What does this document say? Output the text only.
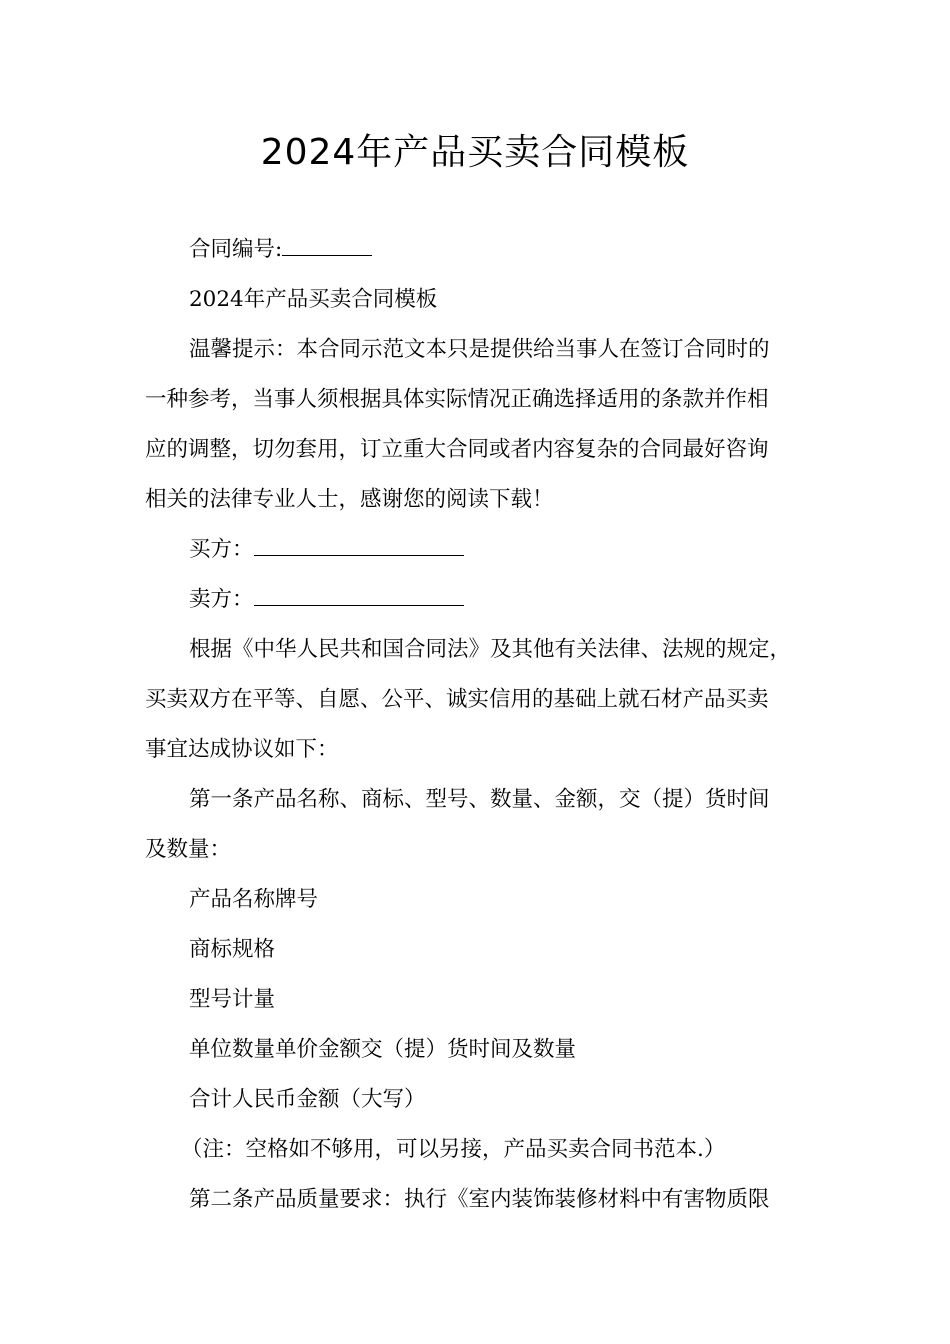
2024年产品买卖合同模板

合同编号:

2024年产品买卖合同模板

温馨提示：本合同示范文本只是提供给当事人在签订合同时的

一种参考，当事人须根据具体实际情况正确选择适用的条款并作相

应的调整，切勿套用，订立重大合同或者内容复杂的合同最好咨询

相关的法律专业人士，感谢您的阅读下载！

买方：

卖方：

根据《中华人民共和国合同法》及其他有关法律、法规的规定，

买卖双方在平等、自愿、公平、诚实信用的基础上就石材产品买卖

事宜达成协议如下：

第一条产品名称、商标、型号、数量、金额，交（提）货时间

及数量：

产品名称牌号

商标规格

型号计量

单位数量单价金额交（提）货时间及数量

合计人民币金额（大写）

（注：空格如不够用，可以另接，产品买卖合同书范本.）

第二条产品质量要求：执行《室内装饰装修材料中有害物质限
